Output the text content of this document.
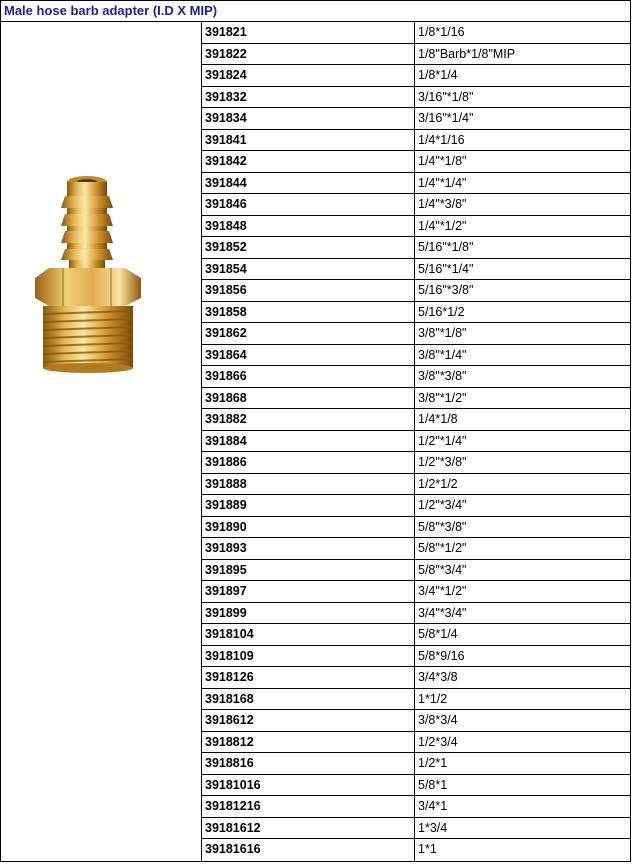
Male hose barb adapter (I.D X MIP)
391821	1/8*1/16
391822	1/8"Barb*1/8"MIP
391824	1/8*1/4
391832	3/16"*1/8"
391834	3/16"*1/4"
391841	1/4*1/16
391842	1/4"*1/8"
391844	1/4"*1/4"
391846	1/4"*3/8"
391848	1/4"*1/2"
391852	5/16"*1/8"
391854	5/16"*1/4"
391856	5/16"*3/8"
391858	5/16*1/2
391862	3/8"*1/8"
391864	3/8"*1/4"
391866	3/8"*3/8"
391868	3/8"*1/2"
391882	1/4*1/8
391884	1/2"*1/4"
391886	1/2"*3/8"
391888	1/2*1/2
391889	1/2"*3/4"
391890	5/8"*3/8"
391893	5/8"*1/2"
391895	5/8"*3/4"
391897	3/4"*1/2"
391899	3/4"*3/4"
3918104	5/8*1/4
3918109	5/8*9/16
3918126	3/4*3/8
3918168	1*1/2
3918612	3/8*3/4
3918812	1/2*3/4
3918816	1/2*1
39181016	5/8*1
39181216	3/4*1
39181612	1*3/4
39181616	1*1
